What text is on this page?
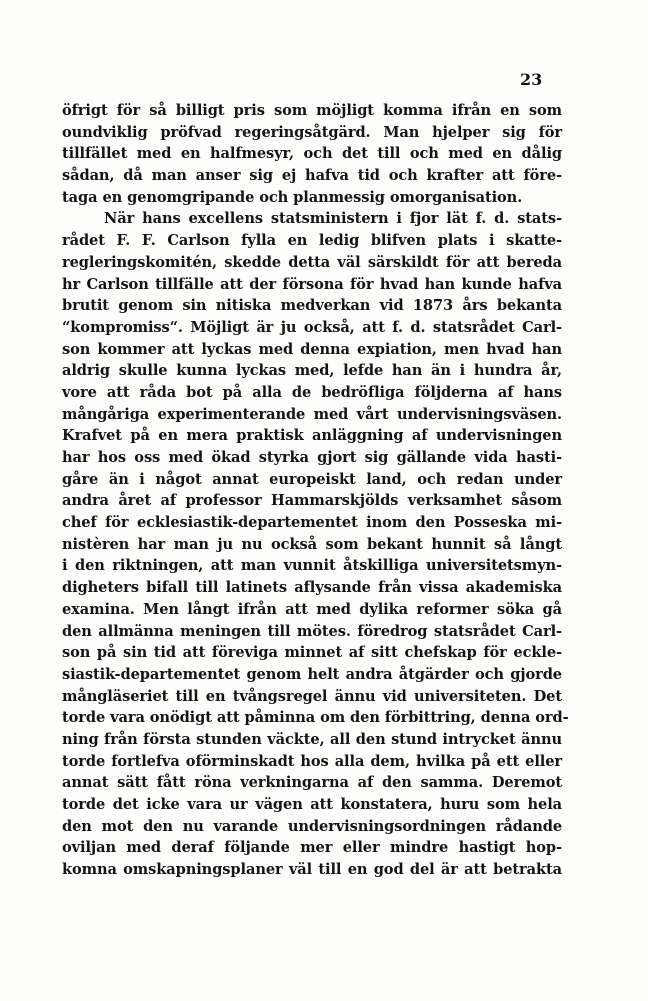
23
öfrigt för så billigt pris som möjligt komma ifrån en som
oundviklig pröfvad regeringsåtgärd. Man hjelper sig för
tillfället med en halfmesyr, och det till och med en dålig
sådan, då man anser sig ej hafva tid och krafter att före-
taga en genomgripande och planmessig omorganisation.
När hans excellens statsministern i fjor lät f. d. stats-
rådet F. F. Carlson fylla en ledig blifven plats i skatte-
regleringskomitén, skedde detta väl särskildt för att bereda
hr Carlson tillfälle att der försona för hvad han kunde hafva
brutit genom sin nitiska medverkan vid 1873 års bekanta
“kompromiss“. Möjligt är ju också, att f. d. statsrådet Carl-
son kommer att lyckas med denna expiation, men hvad han
aldrig skulle kunna lyckas med, lefde han än i hundra år,
vore att råda bot på alla de bedröfliga följderna af hans
mångåriga experimenterande med vårt undervisningsväsen.
Krafvet på en mera praktisk anläggning af undervisningen
har hos oss med ökad styrka gjort sig gällande vida hasti-
gåre än i något annat europeiskt land, och redan under
andra året af professor Hammarskjölds verksamhet såsom
chef för ecklesiastik-departementet inom den Posseska mi-
nistèren har man ju nu också som bekant hunnit så långt
i den riktningen, att man vunnit åtskilliga universitetsmyn-
digheters bifall till latinets aflysande från vissa akademiska
examina. Men långt ifrån att med dylika reformer söka gå
den allmänna meningen till mötes. föredrog statsrådet Carl-
son på sin tid att föreviga minnet af sitt chefskap för eckle-
siastik-departementet genom helt andra åtgärder och gjorde
mångläseriet till en tvångsregel ännu vid universiteten. Det
torde vara onödigt att påminna om den förbittring, denna ord-
ning från första stunden väckte, all den stund intrycket ännu
torde fortlefva oförminskadt hos alla dem, hvilka på ett eller
annat sätt fått röna verkningarna af den samma. Deremot
torde det icke vara ur vägen att konstatera, huru som hela
den mot den nu varande undervisningsordningen rådande
oviljan med deraf följande mer eller mindre hastigt hop-
komna omskapningsplaner väl till en god del är att betrakta
